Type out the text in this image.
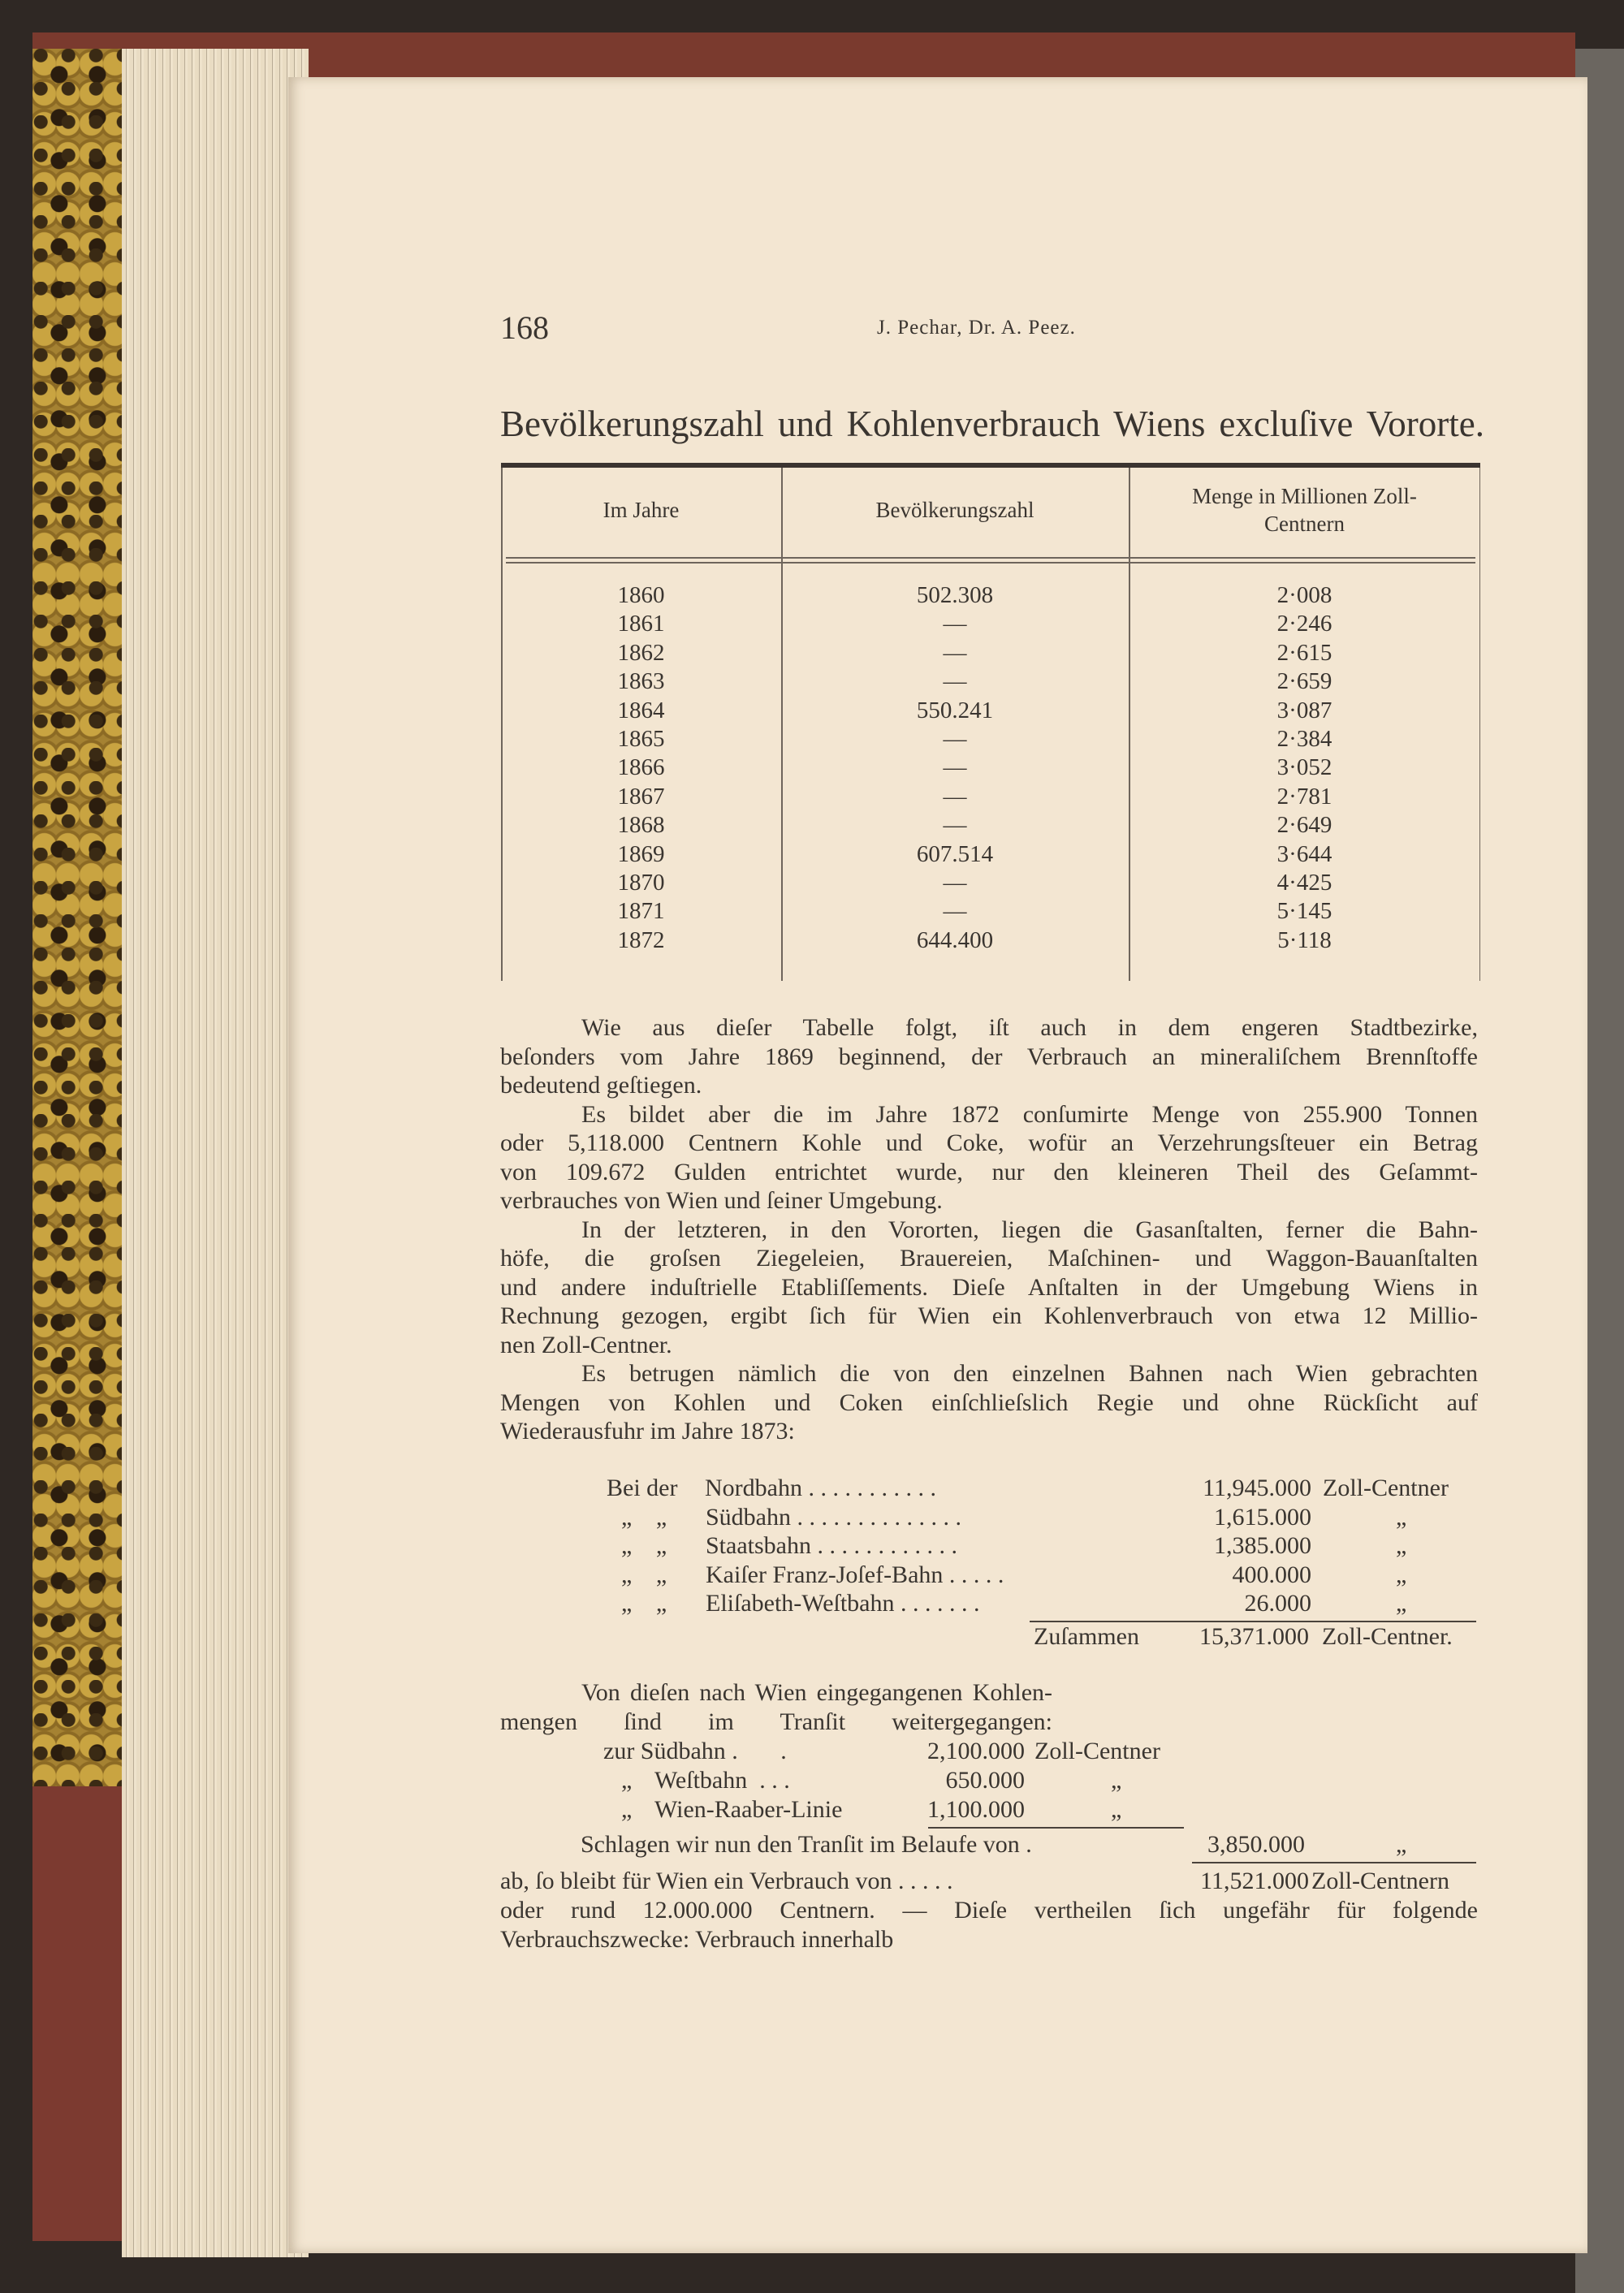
168	J. Pechar, Dr. A. Peez.
Bevölkerungszahl und Kohlenverbrauch Wiens excluſive Vororte.
Im Jahre	Bevölkerungszahl
Menge in Millionen Zoll-Centnern
1860	502.308	2·008
1861	—	2·246
1862	—	2·615
1863	—	2·659
1864	550.241	3·087
1865	—	2·384
1866	—	3·052
1867	—	2·781
1868	—	2·649
1869	607.514	3·644
1870	—	4·425
1871	—	5·145
1872	644.400	5·118
Wie aus dieſer Tabelle folgt, iſt auch in dem engeren Stadtbezirke,
beſonders vom Jahre 1869 beginnend, der Verbrauch an mineraliſchem Brennſtoffe
bedeutend geſtiegen.
Es bildet aber die im Jahre 1872 conſumirte Menge von 255.900 Tonnen
oder 5,118.000 Centnern Kohle und Coke, wofür an Verzehrungsſteuer ein Betrag
von 109.672 Gulden entrichtet wurde, nur den kleineren Theil des Geſammt-
verbrauches von Wien und ſeiner Umgebung.
In der letzteren, in den Vororten, liegen die Gasanſtalten, ferner die Bahn-
höfe, die groſsen Ziegeleien, Brauereien, Maſchinen- und Waggon-Bauanſtalten
und andere induſtrielle Etabliſſements. Dieſe Anſtalten in der Umgebung Wiens in
Rechnung gezogen, ergibt ſich für Wien ein Kohlenverbrauch von etwa 12 Millio-
nen Zoll-Centner.
Es betrugen nämlich die von den einzelnen Bahnen nach Wien gebrachten
Mengen von Kohlen und Coken einſchlieſslich Regie und ohne Rückſicht auf
Wiederausfuhr im Jahre 1873:
Bei der Nordbahn . . . . . . . . . . .	11,945.000 Zoll-Centner
„ „ Südbahn . . . . . . . . . . . . . .	1,615.000	„
„ „ Staatsbahn . . . . . . . . . . . .	1,385.000	„
„ „ Kaiſer Franz-Joſef-Bahn . . . . .	400.000	„
„ „ Eliſabeth-Weſtbahn . . . . . . .	26.000	„
Zuſammen 15,371.000 Zoll-Centner.
Von dieſen nach Wien eingegangenen Kohlen-
mengen ſind im Tranſit weitergegangen:
zur Südbahn .       .	2,100.000 Zoll-Centner
„ Weſtbahn  . . .	650.000	„
„ Wien-Raaber-Linie	1,100.000	„
Schlagen wir nun den Tranſit im Belaufe von .	3,850.000	„
ab, ſo bleibt für Wien ein Verbrauch von . . . . .	11,521.000 Zoll-Centnern
oder rund 12.000.000 Centnern. — Dieſe vertheilen ſich ungefähr für folgende
Verbrauchszwecke: Verbrauch innerhalb
